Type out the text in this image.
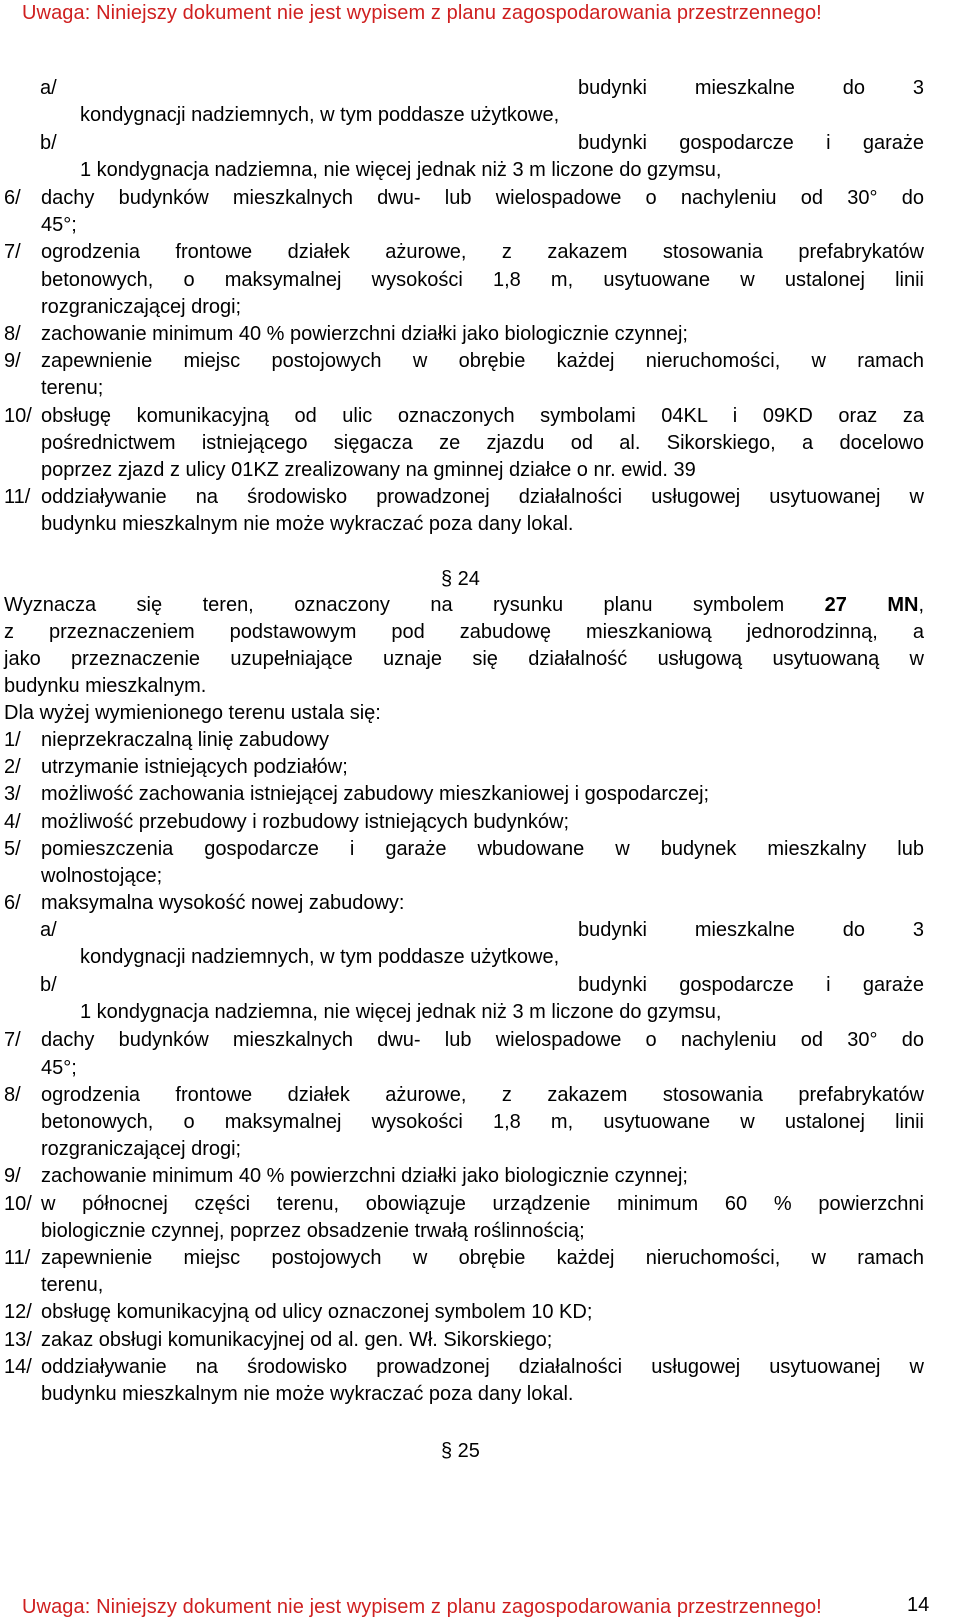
Uwaga: Niniejszy dokument nie jest wypisem z planu zagospodarowania przestrzennego!
a/	budynki mieszkalne do 3
kondygnacji nadziemnych, w tym poddasze użytkowe,
b/	budynki gospodarcze i garaże
1 kondygnacja nadziemna, nie więcej jednak niż 3 m liczone do gzymsu,
6/ dachy budynków mieszkalnych dwu- lub wielospadowe o nachyleniu od 30° do
45°;
7/ ogrodzenia frontowe działek ażurowe, z zakazem stosowania prefabrykatów
betonowych, o maksymalnej wysokości 1,8 m, usytuowane w ustalonej linii
rozgraniczającej drogi;
8/ zachowanie minimum 40 % powierzchni działki jako biologicznie czynnej;
9/ zapewnienie miejsc postojowych w obrębie każdej nieruchomości, w ramach
terenu;
10/ obsługę komunikacyjną od ulic oznaczonych symbolami 04KL i 09KD oraz za
pośrednictwem istniejącego sięgacza ze zjazdu od al. Sikorskiego, a docelowo
poprzez zjazd z ulicy 01KZ zrealizowany na gminnej działce o nr. ewid. 39
11/ oddziaływanie na środowisko prowadzonej działalności usługowej usytuowanej w
budynku mieszkalnym nie może wykraczać poza dany lokal.
§ 24
Wyznacza się teren, oznaczony na rysunku planu symbolem 27 MN,
z przeznaczeniem podstawowym pod zabudowę mieszkaniową jednorodzinną, a
jako przeznaczenie uzupełniające uznaje się działalność usługową usytuowaną w
budynku mieszkalnym.
Dla wyżej wymienionego terenu ustala się:
1/ nieprzekraczalną linię zabudowy
2/ utrzymanie istniejących podziałów;
3/ możliwość zachowania istniejącej zabudowy mieszkaniowej i gospodarczej;
4/ możliwość przebudowy i rozbudowy istniejących budynków;
5/ pomieszczenia gospodarcze i garaże wbudowane w budynek mieszkalny lub
wolnostojące;
6/ maksymalna wysokość nowej zabudowy:
a/	budynki mieszkalne do 3
kondygnacji nadziemnych, w tym poddasze użytkowe,
b/	budynki gospodarcze i garaże
1 kondygnacja nadziemna, nie więcej jednak niż 3 m liczone do gzymsu,
7/ dachy budynków mieszkalnych dwu- lub wielospadowe o nachyleniu od 30° do
45°;
8/ ogrodzenia frontowe działek ażurowe, z zakazem stosowania prefabrykatów
betonowych, o maksymalnej wysokości 1,8 m, usytuowane w ustalonej linii
rozgraniczającej drogi;
9/ zachowanie minimum 40 % powierzchni działki jako biologicznie czynnej;
10/ w północnej części terenu, obowiązuje urządzenie minimum 60 % powierzchni
biologicznie czynnej, poprzez obsadzenie trwałą roślinnością;
11/ zapewnienie miejsc postojowych w obrębie każdej nieruchomości, w ramach
terenu,
12/ obsługę komunikacyjną od ulicy oznaczonej symbolem 10 KD;
13/ zakaz obsługi komunikacyjnej od al. gen. Wł. Sikorskiego;
14/ oddziaływanie na środowisko prowadzonej działalności usługowej usytuowanej w
budynku mieszkalnym nie może wykraczać poza dany lokal.
§ 25
Uwaga: Niniejszy dokument nie jest wypisem z planu zagospodarowania przestrzennego!	14
